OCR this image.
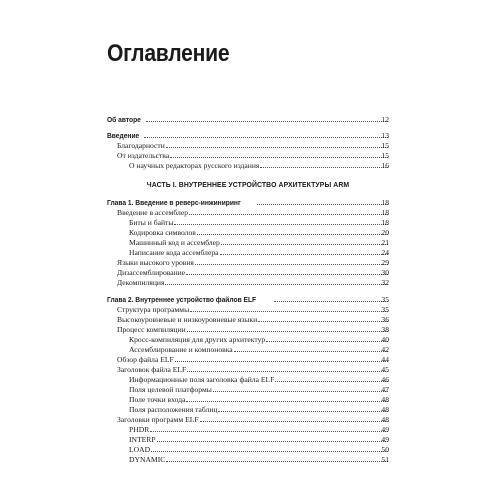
Оглавление
ЧАСТЬ I. ВНУТРЕННЕЕ УСТРОЙСТВО АРХИТЕКТУРЫ ARM
Об авторе	12
Введение	13
Благодарности	15
От издательства	15
О научных редакторах русского издания	16
Глава 1. Введение в реверс-инжиниринг	18
Введение в ассемблер	18
Биты и байты	18
Кодировка символов	20
Машинный код и ассемблер	21
Написание кода ассемблера	24
Языки высокого уровня	29
Дизассемблирование	30
Декомпиляция	32
Глава 2. Внутреннее устройство файлов ELF	35
Структура программы	35
Высокоуровневые и низкоуровневые языки	36
Процесс компиляции	38
Кросс-компиляция для других архитектур	40
Ассемблирование и компоновка	42
Обзор файла ELF	44
Заголовок файла ELF	45
Информационные поля заголовка файла ELF	46
Поля целевой платформы	47
Поле точки входа	48
Поля расположения таблиц	48
Заголовки программ ELF	48
PHDR	49
INTERP	49
LOAD	50
DYNAMIC	51
